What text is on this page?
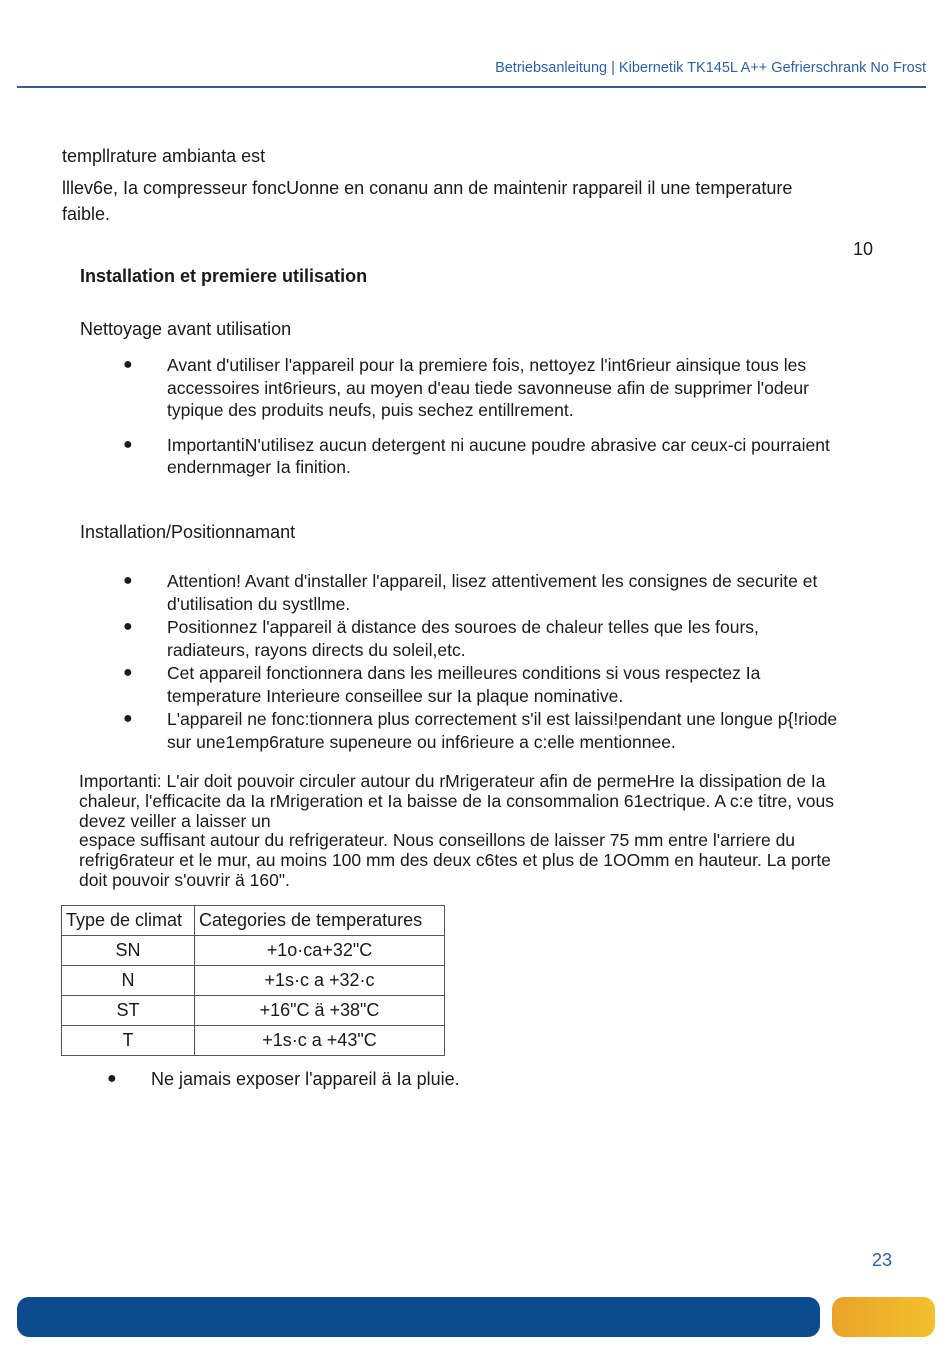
Betriebsanleitung | Kibernetik TK145L A++ Gefrierschrank No Frost
templlrature ambianta est
lllev6e, Ia compresseur foncUonne en conanu ann de maintenir rappareil il une temperature
faible.
10
Installation et premiere utilisation
Nettoyage avant utilisation
● Avant d'utiliser l'appareil pour Ia premiere fois, nettoyez l'int6rieur ainsique tous les
accessoires int6rieurs, au moyen d'eau tiede savonneuse afin de supprimer l'odeur
typique des produits neufs, puis sechez entillrement.
● ImportantiN'utilisez aucun detergent ni aucune poudre abrasive car ceux-ci pourraient
endernmager Ia finition.
Installation/Positionnamant
● Attention! Avant d'installer l'appareil, lisez attentivement les consignes de securite et
d'utilisation du systllme.
● Positionnez l'appareil ä distance des souroes de chaleur telles que les fours,
radiateurs, rayons directs du soleil,etc.
● Cet appareil fonctionnera dans les meilleures conditions si vous respectez Ia
temperature Interieure conseillee sur Ia plaque nominative.
● L'appareil ne fonc:tionnera plus correctement s'il est laissi!pendant une longue p{!riode
sur une1emp6rature supeneure ou inf6rieure a c:elle mentionnee.
Importanti: L'air doit pouvoir circuler autour du rMrigerateur afin de permeHre Ia dissipation de Ia
chaleur, l'efficacite da Ia rMrigeration et Ia baisse de Ia consommalion 61ectrique. A c:e titre, vous
devez veiller a laisser un
espace suffisant autour du refrigerateur. Nous conseillons de laisser 75 mm entre l'arriere du
refrig6rateur et le mur, au moins 100 mm des deux c6tes et plus de 1OOmm en hauteur. La porte
doit pouvoir s'ouvrir ä 160".
Type de climat	Categories de temperatures
SN	+1o·ca+32"C
N	+1s·c a +32·c
ST	+16"C ä +38"C
T	+1s·c a +43"C
● Ne jamais exposer l'appareil ä Ia pluie.
23
